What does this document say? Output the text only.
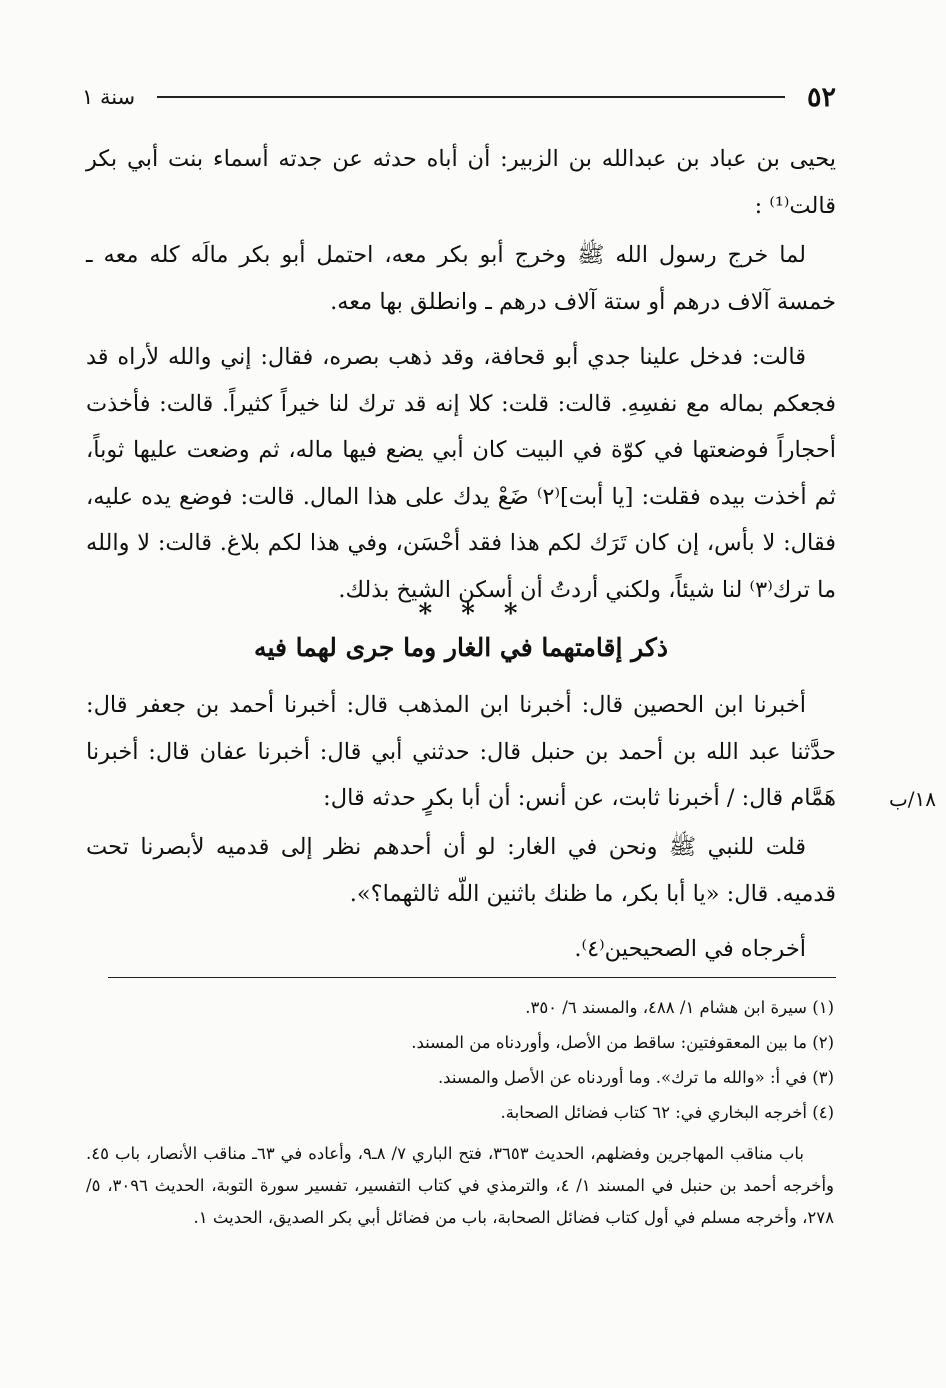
٥٢
سنة ١

يحيى بن عباد بن عبدالله بن الزبير: أن أباه حدثه عن جدته أسماء بنت أبي بكر قالت⁽¹⁾ :

لما خرج رسول الله ﷺ وخرج أبو بكر معه، احتمل أبو بكر مالَه كله معه ـ خمسة آلاف درهم أو ستة آلاف درهم ـ وانطلق بها معه.

قالت: فدخل علينا جدي أبو قحافة، وقد ذهب بصره، فقال: إني والله لأراه قد فجعكم بماله مع نفسِهِ. قالت: قلت: كلا إنه قد ترك لنا خيراً كثيراً. قالت: فأخذت أحجاراً فوضعتها في كوّة في البيت كان أبي يضع فيها ماله، ثم وضعت عليها ثوباً، ثم أخذت بيده فقلت: [يا أبت]⁽٢⁾ ضَعْ يدك على هذا المال. قالت: فوضع يده عليه، فقال: لا بأس، إن كان تَرَك لكم هذا فقد أحْسَن، وفي هذا لكم بلاغ. قالت: لا والله ما ترك⁽٣⁾ لنا شيئاً، ولكني أردتُ أن أسكن الشيخ بذلك.

* * *
ذكر إقامتهما في الغار وما جرى لهما فيه

أخبرنا ابن الحصين قال: أخبرنا ابن المذهب قال: أخبرنا أحمد بن جعفر قال: حدَّثنا عبد الله بن أحمد بن حنبل قال: حدثني أبي قال: أخبرنا عفان قال: أخبرنا هَمَّام قال: / أخبرنا ثابت، عن أنس: أن أبا بكرٍ حدثه قال:	١٨/ب

قلت للنبي ﷺ ونحن في الغار: لو أن أحدهم نظر إلى قدميه لأبصرنا تحت قدميه. قال: «يا أبا بكر، ما ظنك باثنين اللّه ثالثهما؟».

أخرجاه في الصحيحين⁽٤⁾.

(١) سيرة ابن هشام ١/ ٤٨٨، والمسند ٦/ ٣٥٠.

(٢) ما بين المعقوفتين: ساقط من الأصل، وأوردناه من المسند.

(٣) في أ: «والله ما ترك». وما أوردناه عن الأصل والمسند.

(٤) أخرجه البخاري في: ٦٢ كتاب فضائل الصحابة.

باب مناقب المهاجرين وفضلهم، الحديث ٣٦٥٣، فتح الباري ٧/ ٨ـ٩، وأعاده في ٦٣ـ مناقب الأنصار، باب ٤٥. وأخرجه أحمد بن حنبل في المسند ١/ ٤، والترمذي في كتاب التفسير، تفسير سورة التوبة، الحديث ٣٠٩٦، ٥/ ٢٧٨، وأخرجه مسلم في أول كتاب فضائل الصحابة، باب من فضائل أبي بكر الصديق، الحديث ١.
